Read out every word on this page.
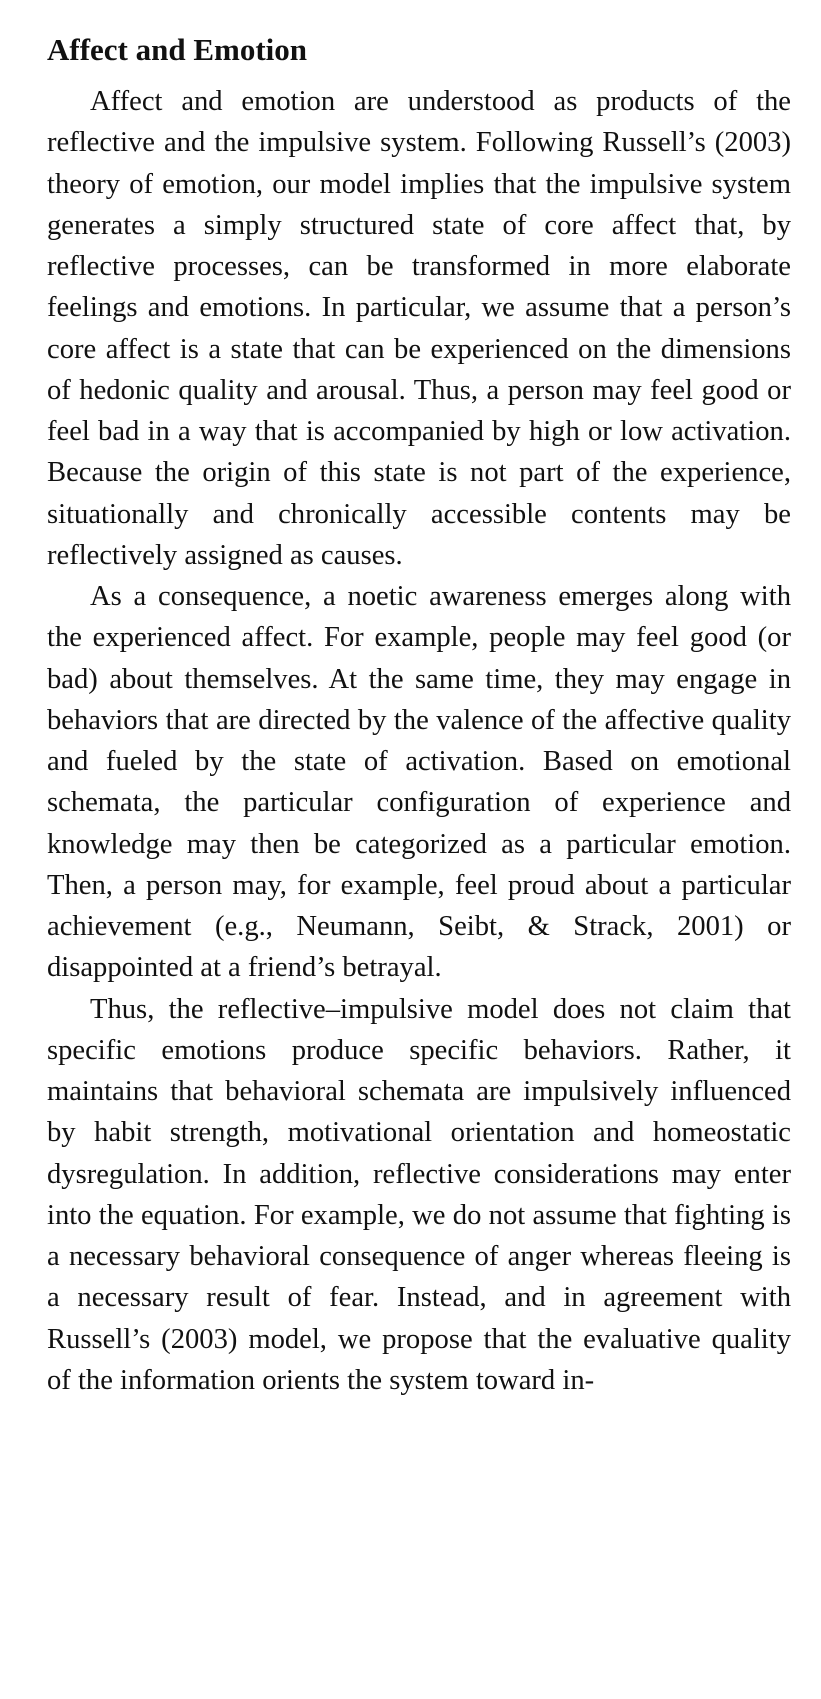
Affect and Emotion

Affect and emotion are understood as products of the reflective and the impulsive system. Following Russell’s (2003) theory of emotion, our model implies that the impulsive system generates a simply structured state of core affect that, by reflective processes, can be transformed in more elaborate feelings and emotions. In particular, we assume that a person’s core affect is a state that can be experienced on the dimensions of hedonic quality and arousal. Thus, a person may feel good or feel bad in a way that is accompanied by high or low activation. Because the origin of this state is not part of the experience, situationally and chronically accessible contents may be reflectively assigned as causes.

As a consequence, a noetic awareness emerges along with the experienced affect. For example, people may feel good (or bad) about themselves. At the same time, they may engage in behaviors that are directed by the valence of the affective quality and fueled by the state of activation. Based on emotional schemata, the particular configuration of experience and knowledge may then be categorized as a particular emotion. Then, a person may, for example, feel proud about a particular achievement (e.g., Neumann, Seibt, & Strack, 2001) or disappointed at a friend’s betrayal.

Thus, the reflective–impulsive model does not claim that specific emotions produce specific behaviors. Rather, it maintains that behavioral schemata are impulsively influenced by habit strength, motivational orientation and homeostatic dysregulation. In addition, reflective considerations may enter into the equation. For example, we do not assume that fighting is a necessary behavioral consequence of anger whereas fleeing is a necessary result of fear. Instead, and in agreement with Russell’s (2003) model, we propose that the evaluative quality of the information orients the system toward in-
